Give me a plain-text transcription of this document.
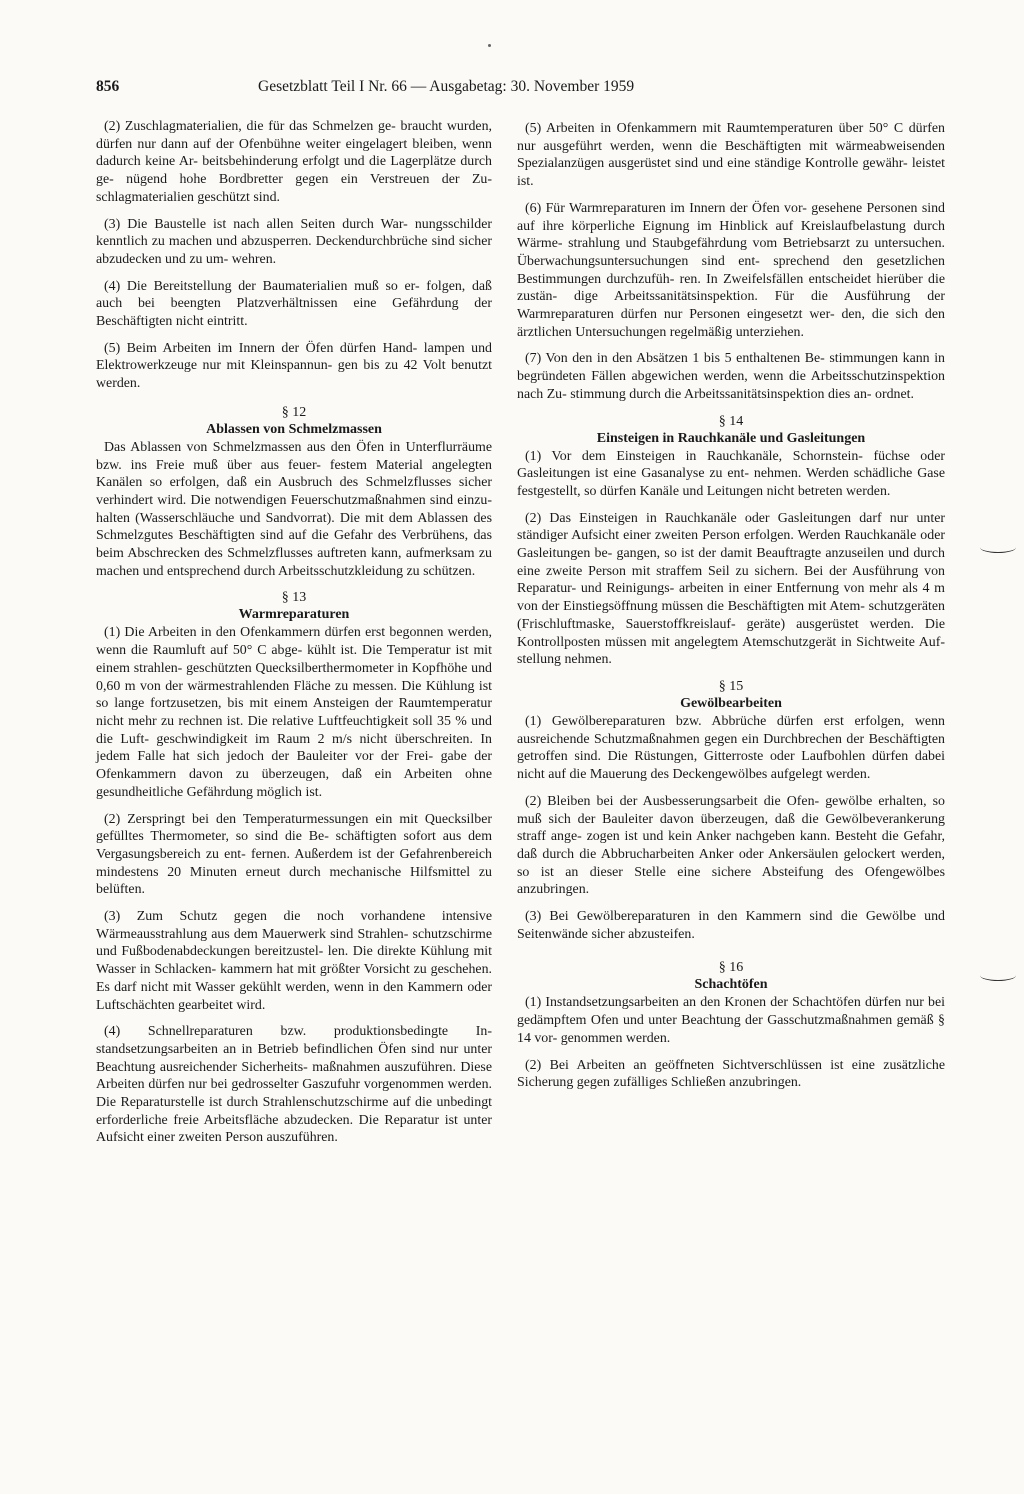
856	Gesetzblatt Teil I Nr. 66 — Ausgabetag: 30. November 1959

(2) Zuschlagmaterialien, die für das Schmelzen ge- braucht wurden, dürfen nur dann auf der Ofenbühne weiter eingelagert bleiben, wenn dadurch keine Ar- beitsbehinderung erfolgt und die Lagerplätze durch ge- nügend hohe Bordbretter gegen ein Verstreuen der Zu- schlagmaterialien geschützt sind.

(3) Die Baustelle ist nach allen Seiten durch War- nungsschilder kenntlich zu machen und abzusperren. Deckendurchbrüche sind sicher abzudecken und zu um- wehren.

(4) Die Bereitstellung der Baumaterialien muß so er- folgen, daß auch bei beengten Platzverhältnissen eine Gefährdung der Beschäftigten nicht eintritt.

(5) Beim Arbeiten im Innern der Öfen dürfen Hand- lampen und Elektrowerkzeuge nur mit Kleinspannun- gen bis zu 42 Volt benutzt werden.

§ 12
Ablassen von Schmelzmassen

Das Ablassen von Schmelzmassen aus den Öfen in Unterflurräume bzw. ins Freie muß über aus feuer- festem Material angelegten Kanälen so erfolgen, daß ein Ausbruch des Schmelzflusses sicher verhindert wird. Die notwendigen Feuerschutzmaßnahmen sind einzu- halten (Wasserschläuche und Sandvorrat). Die mit dem Ablassen des Schmelzgutes Beschäftigten sind auf die Gefahr des Verbrühens, das beim Abschrecken des Schmelzflusses auftreten kann, aufmerksam zu machen und entsprechend durch Arbeitsschutzkleidung zu schützen.

§ 13
Warmreparaturen

(1) Die Arbeiten in den Ofenkammern dürfen erst begonnen werden, wenn die Raumluft auf 50° C abge- kühlt ist. Die Temperatur ist mit einem strahlen- geschützten Quecksilberthermometer in Kopfhöhe und 0,60 m von der wärmestrahlenden Fläche zu messen. Die Kühlung ist so lange fortzusetzen, bis mit einem Ansteigen der Raumtemperatur nicht mehr zu rechnen ist. Die relative Luftfeuchtigkeit soll 35 % und die Luft- geschwindigkeit im Raum 2 m/s nicht überschreiten. In jedem Falle hat sich jedoch der Bauleiter vor der Frei- gabe der Ofenkammern davon zu überzeugen, daß ein Arbeiten ohne gesundheitliche Gefährdung möglich ist.

(2) Zerspringt bei den Temperaturmessungen ein mit Quecksilber gefülltes Thermometer, so sind die Be- schäftigten sofort aus dem Vergasungsbereich zu ent- fernen. Außerdem ist der Gefahrenbereich mindestens 20 Minuten erneut durch mechanische Hilfsmittel zu belüften.

(3) Zum Schutz gegen die noch vorhandene intensive Wärmeausstrahlung aus dem Mauerwerk sind Strahlen- schutzschirme und Fußbodenabdeckungen bereitzustel- len. Die direkte Kühlung mit Wasser in Schlacken- kammern hat mit größter Vorsicht zu geschehen. Es darf nicht mit Wasser gekühlt werden, wenn in den Kammern oder Luftschächten gearbeitet wird.

(4) Schnellreparaturen bzw. produktionsbedingte In- standsetzungsarbeiten an in Betrieb befindlichen Öfen sind nur unter Beachtung ausreichender Sicherheits- maßnahmen auszuführen. Diese Arbeiten dürfen nur bei gedrosselter Gaszufuhr vorgenommen werden. Die Reparaturstelle ist durch Strahlenschutzschirme auf die unbedingt erforderliche freie Arbeitsfläche abzudecken. Die Reparatur ist unter Aufsicht einer zweiten Person auszuführen.

(5) Arbeiten in Ofenkammern mit Raumtemperaturen über 50° C dürfen nur ausgeführt werden, wenn die Beschäftigten mit wärmeabweisenden Spezialanzügen ausgerüstet sind und eine ständige Kontrolle gewähr- leistet ist.

(6) Für Warmreparaturen im Innern der Öfen vor- gesehene Personen sind auf ihre körperliche Eignung im Hinblick auf Kreislaufbelastung durch Wärme- strahlung und Staubgefährdung vom Betriebsarzt zu untersuchen. Überwachungsuntersuchungen sind ent- sprechend den gesetzlichen Bestimmungen durchzufüh- ren. In Zweifelsfällen entscheidet hierüber die zustän- dige Arbeitssanitätsinspektion. Für die Ausführung der Warmreparaturen dürfen nur Personen eingesetzt wer- den, die sich den ärztlichen Untersuchungen regelmäßig unterziehen.

(7) Von den in den Absätzen 1 bis 5 enthaltenen Be- stimmungen kann in begründeten Fällen abgewichen werden, wenn die Arbeitsschutzinspektion nach Zu- stimmung durch die Arbeitssanitätsinspektion dies an- ordnet.

§ 14
Einsteigen in Rauchkanäle und Gasleitungen

(1) Vor dem Einsteigen in Rauchkanäle, Schornstein- füchse oder Gasleitungen ist eine Gasanalyse zu ent- nehmen. Werden schädliche Gase festgestellt, so dürfen Kanäle und Leitungen nicht betreten werden.

(2) Das Einsteigen in Rauchkanäle oder Gasleitungen darf nur unter ständiger Aufsicht einer zweiten Person erfolgen. Werden Rauchkanäle oder Gasleitungen be- gangen, so ist der damit Beauftragte anzuseilen und durch eine zweite Person mit straffem Seil zu sichern. Bei der Ausführung von Reparatur- und Reinigungs- arbeiten in einer Entfernung von mehr als 4 m von der Einstiegsöffnung müssen die Beschäftigten mit Atem- schutzgeräten (Frischluftmaske, Sauerstoffkreislauf- geräte) ausgerüstet werden. Die Kontrollposten müssen mit angelegtem Atemschutzgerät in Sichtweite Auf- stellung nehmen.

§ 15
Gewölbearbeiten

(1) Gewölbereparaturen bzw. Abbrüche dürfen erst erfolgen, wenn ausreichende Schutzmaßnahmen gegen ein Durchbrechen der Beschäftigten getroffen sind. Die Rüstungen, Gitterroste oder Laufbohlen dürfen dabei nicht auf die Mauerung des Deckengewölbes aufgelegt werden.

(2) Bleiben bei der Ausbesserungsarbeit die Ofen- gewölbe erhalten, so muß sich der Bauleiter davon überzeugen, daß die Gewölbeverankerung straff ange- zogen ist und kein Anker nachgeben kann. Besteht die Gefahr, daß durch die Abbrucharbeiten Anker oder Ankersäulen gelockert werden, so ist an dieser Stelle eine sichere Absteifung des Ofengewölbes anzubringen.

(3) Bei Gewölbereparaturen in den Kammern sind die Gewölbe und Seitenwände sicher abzusteifen.

§ 16
Schachtöfen

(1) Instandsetzungsarbeiten an den Kronen der Schachtöfen dürfen nur bei gedämpftem Ofen und unter Beachtung der Gasschutzmaßnahmen gemäß § 14 vor- genommen werden.

(2) Bei Arbeiten an geöffneten Sichtverschlüssen ist eine zusätzliche Sicherung gegen zufälliges Schließen anzubringen.
